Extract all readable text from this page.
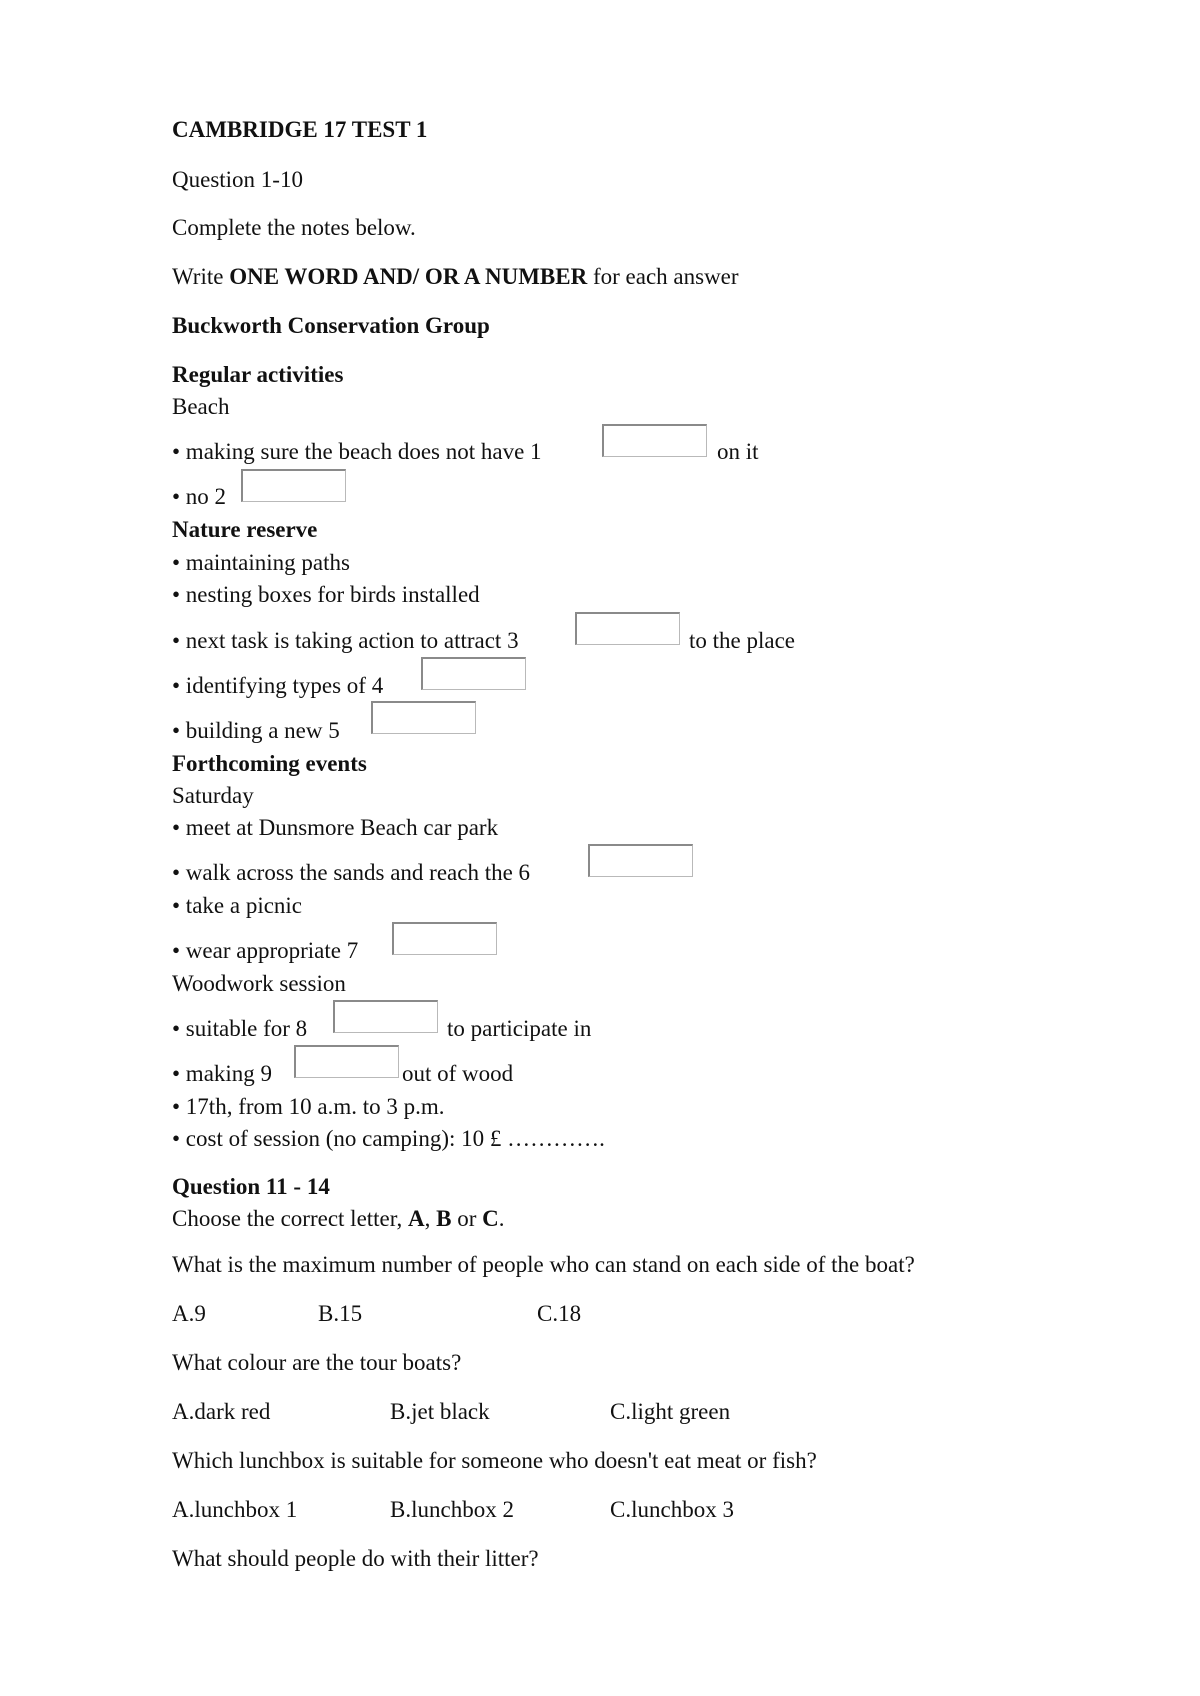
CAMBRIDGE 17 TEST 1
Question 1-10
Complete the notes below.
Write ONE WORD AND/ OR A NUMBER for each answer
Buckworth Conservation Group
Regular activities
Beach
• making sure the beach does not have 1	on it
• no 2
Nature reserve
• maintaining paths
• nesting boxes for birds installed
• next task is taking action to attract 3	to the place
• identifying types of 4
• building a new 5
Forthcoming events
Saturday
• meet at Dunsmore Beach car park
• walk across the sands and reach the 6
• take a picnic
• wear appropriate 7
Woodwork session
• suitable for 8	to participate in
• making 9	out of wood
• 17th, from 10 a.m. to 3 p.m.
• cost of session (no camping): 10 £ ………….
Question 11 - 14
Choose the correct letter, A, B or C.
What is the maximum number of people who can stand on each side of the boat?
A.9	B.15	C.18
What colour are the tour boats?
A.dark red	B.jet black	C.light green
Which lunchbox is suitable for someone who doesn't eat meat or fish?
A.lunchbox 1	B.lunchbox 2	C.lunchbox 3
What should people do with their litter?
